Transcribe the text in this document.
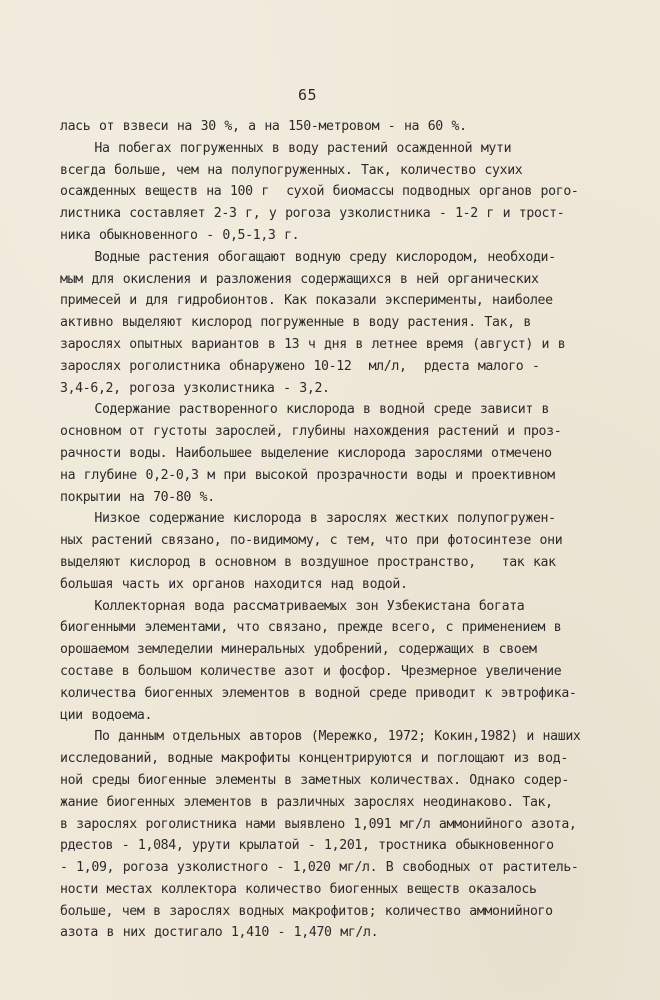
65
лась от взвеси на 30 %, а на 150-метровом - на 60 %.
На побегах погруженных в воду растений осажденной мути
всегда больше, чем на полупогруженных. Так, количество сухих
осажденных веществ на 100 г  сухой биомассы подводных органов рого-
листника составляет 2-3 г, у рогоза узколистника - 1-2 г и трост-
ника обыкновенного - 0,5-1,3 г.
Водные растения обогащают водную среду кислородом, необходи-
мым для окисления и разложения содержащихся в ней органических
примесей и для гидробионтов. Как показали эксперименты, наиболее
активно выделяют кислород погруженные в воду растения. Так, в
зарослях опытных вариантов в 13 ч дня в летнее время (август) и в
зарослях роголистника обнаружено 10-12  мл/л,  рдеста малого -
3,4-6,2, рогоза узколистника - 3,2.
Содержание растворенного кислорода в водной среде зависит в
основном от густоты зарослей, глубины нахождения растений и проз-
рачности воды. Наибольшее выделение кислорода зарослями отмечено
на глубине 0,2-0,3 м при высокой прозрачности воды и проективном
покрытии на 70-80 %.
Низкое содержание кислорода в зарослях жестких полупогружен-
ных растений связано, по-видимому, с тем, что при фотосинтезе они
выделяют кислород в основном в воздушное пространство,   так как
большая часть их органов находится над водой.
Коллекторная вода рассматриваемых зон Узбекистана богата
биогенными элементами, что связано, прежде всего, с применением в
орошаемом земледелии минеральных удобрений, содержащих в своем
составе в большом количестве азот и фосфор. Чрезмерное увеличение
количества биогенных элементов в водной среде приводит к эвтрофика-
ции водоема.
По данным отдельных авторов (Мережко, 1972; Кокин,1982) и наших
исследований, водные макрофиты концентрируются и поглощают из вод-
ной среды биогенные элементы в заметных количествах. Однако содер-
жание биогенных элементов в различных зарослях неодинаково. Так,
в зарослях роголистника нами выявлено 1,091 мг/л аммонийного азота,
рдестов - 1,084, урути крылатой - 1,201, тростника обыкновенного
- 1,09, рогоза узколистного - 1,020 мг/л. В свободных от раститель-
ности местах коллектора количество биогенных веществ оказалось
больше, чем в зарослях водных макрофитов; количество аммонийного
азота в них достигало 1,410 - 1,470 мг/л.
